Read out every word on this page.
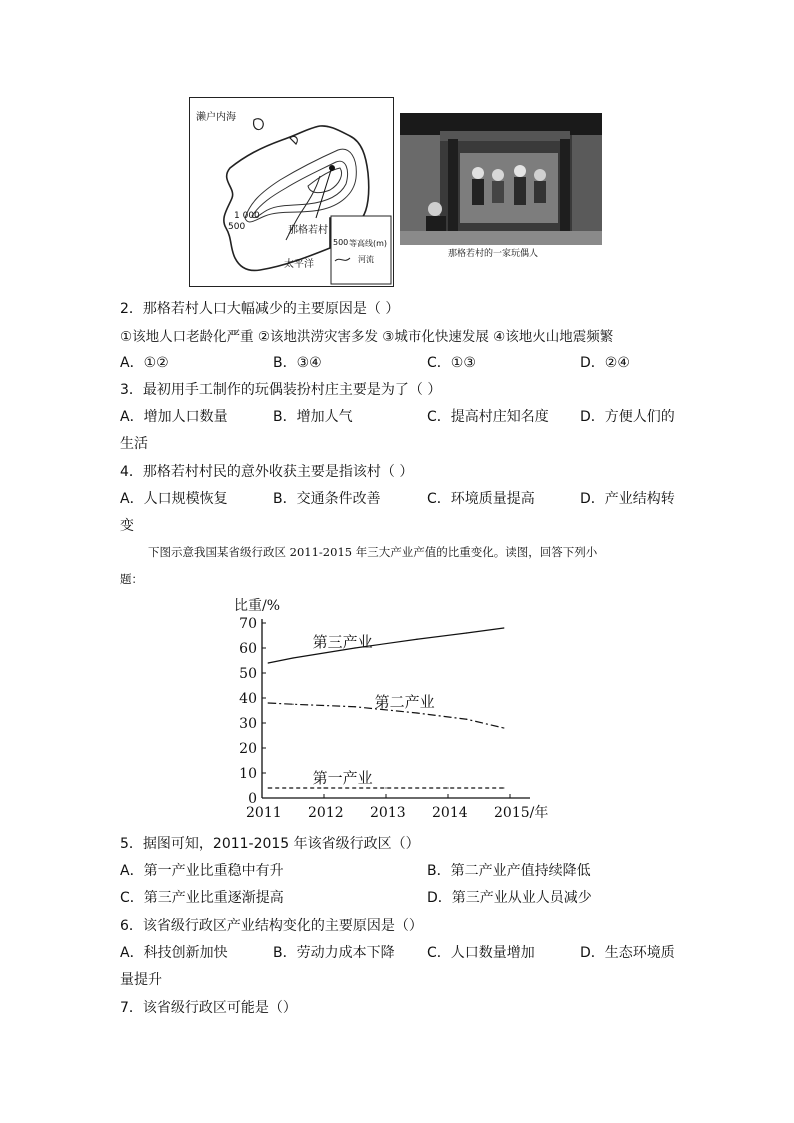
濑户内海
太平洋
那格若村
1 000
500
500 等高线(m)
河流
那格若村的一家玩偶人
2．那格若村人口大幅减少的主要原因是（ ）
①该地人口老龄化严重 ②该地洪涝灾害多发 ③城市化快速发展 ④该地火山地震频繁
A．①②	B．③④	C．①③	D．②④
3．最初用手工制作的玩偶装扮村庄主要是为了（ ）
A．增加人口数量	B．增加人气	C．提高村庄知名度 D．方便人们的
生活
4．那格若村村民的意外收获主要是指该村（ ）
A．人口规模恢复	B．交通条件改善	C．环境质量提高	D．产业结构转
变
下图示意我国某省级行政区 2011-2015 年三大产业产值的比重变化。读图，回答下列小
题：
比重/%
0
10
20
30
40
50
60
70
2011 2012 2013 2014 2015/年
第三产业
第二产业
第一产业
5．据图可知，2011-2015 年该省级行政区（）
A．第一产业比重稳中有升	B．第二产业产值持续降低
C．第三产业比重逐渐提高	D．第三产业从业人员减少
6．该省级行政区产业结构变化的主要原因是（）
A．科技创新加快	B．劳动力成本下降 C．人口数量增加	D．生态环境质
量提升
7．该省级行政区可能是（）
